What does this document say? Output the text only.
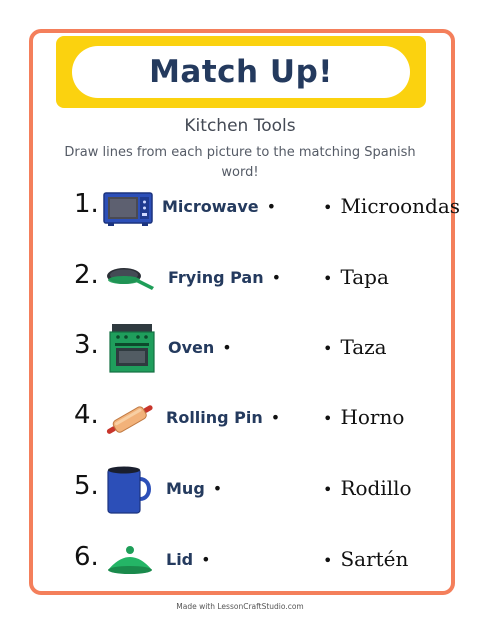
Match Up!
Kitchen Tools
Draw lines from each picture to the matching Spanish word!
1.	Microwave •	• Microondas
2.	Frying Pan •	• Tapa
3.	Oven •	• Taza
4.	Rolling Pin •	• Horno
5.	Mug •	• Rodillo
6.	Lid •	• Sartén
Made with LessonCraftStudio.com
